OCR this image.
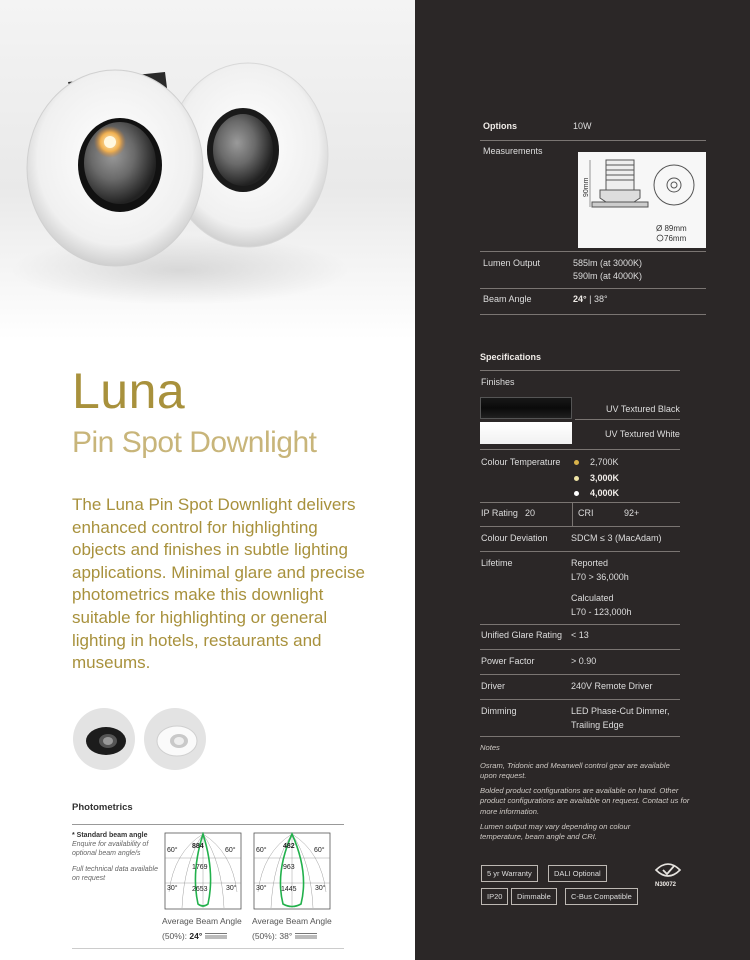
Luna
Pin Spot Downlight

The Luna Pin Spot Downlight delivers enhanced control for highlighting objects and finishes in subtle lighting applications. Minimal glare and precise photometrics make this downlight suitable for highlighting or general lighting in hotels, restaurants and museums.

Photometrics
* Standard beam angle
Enquire for availability of optional beam angle/s
Full technical data available on request
884
1769
2653
60°	60°
30°	30°
Average Beam Angle
(50%): 24°
482
963
1445
60°	60°
30°	30°
Average Beam Angle
(50%): 38°
Options	10W
Measurements
90mm
Ø 89mm
76mm
Lumen Output	585lm (at 3000K)
590lm (at 4000K)
Beam Angle	24° | 38°
Specifications
Finishes
UV Textured Black
UV Textured White
Colour Temperature	2,700K
3,000K
4,000K
IP Rating 20	CRI	92+
Colour Deviation	SDCM ≤ 3 (MacAdam)
Lifetime	Reported
L70 > 36,000h
Calculated
L70 - 123,000h
Unified Glare Rating < 13
Power Factor	> 0.90
Driver	240V Remote Driver
Dimming	LED Phase-Cut Dimmer,
Trailing Edge
Notes
Osram, Tridonic and Meanwell control gear are available upon request.
Bolded product configurations are available on hand. Other product configurations are available on request. Contact us for more information.
Lumen output may vary depending on colour temperature, beam angle and CRI.
5 yr Warranty	DALI Optional
IP20	Dimmable	C-Bus Compatible
N30072
